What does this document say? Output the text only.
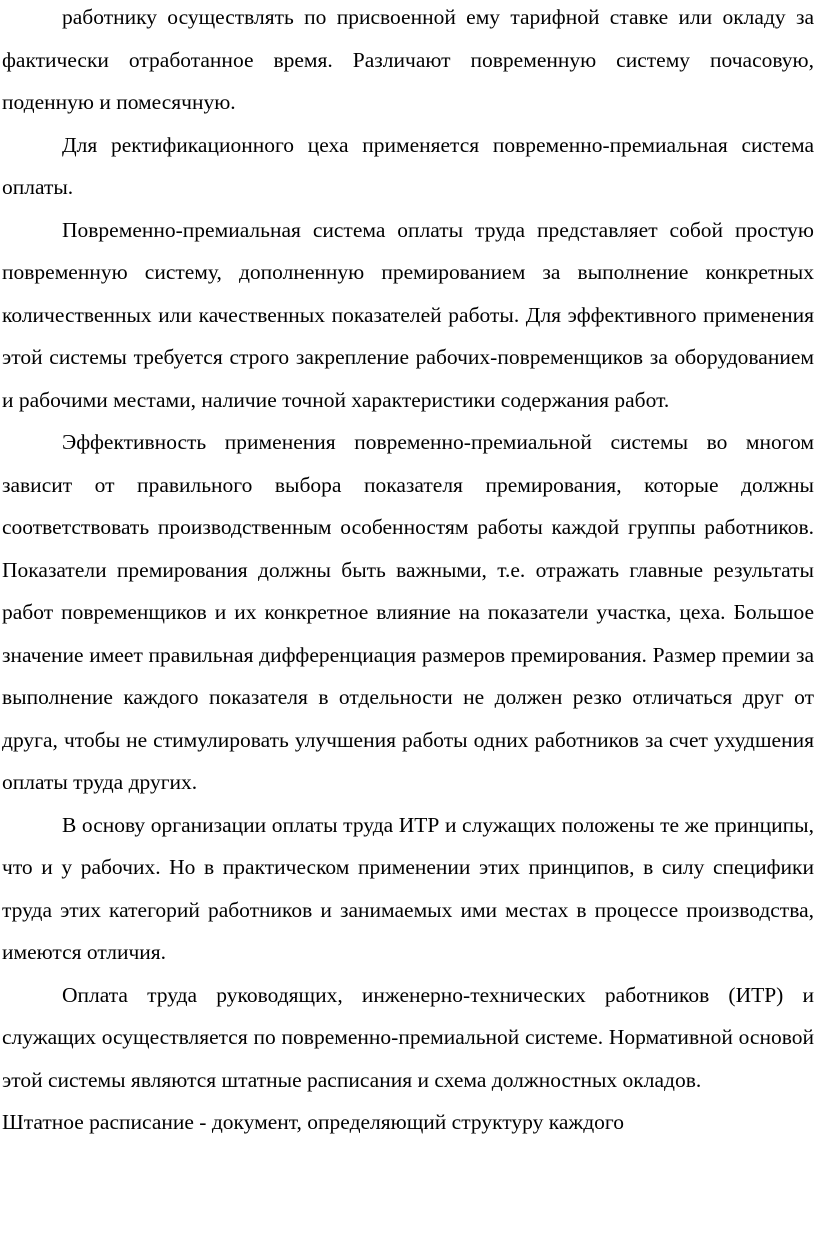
работнику осуществлять по присвоенной ему тарифной ставке или окладу за фактически отработанное время. Различают повременную систему почасовую, поденную и помесячную.

Для ректификационного цеха применяется повременно-премиальная система оплаты.

Повременно-премиальная система оплаты труда представляет собой простую повременную систему, дополненную премированием за выполнение конкретных количественных или качественных показателей работы. Для эффективного применения этой системы требуется строго закрепление рабочих-повременщиков за оборудованием и рабочими местами, наличие точной характеристики содержания работ.

Эффективность применения повременно-премиальной системы во многом зависит от правильного выбора показателя премирования, которые должны соответствовать производственным особенностям работы каждой группы работников. Показатели премирования должны быть важными, т.е. отражать главные результаты работ повременщиков и их конкретное влияние на показатели участка, цеха. Большое значение имеет правильная дифференциация размеров премирования. Размер премии за выполнение каждого показателя в отдельности не должен резко отличаться друг от друга, чтобы не стимулировать улучшения работы одних работников за счет ухудшения оплаты труда других.

В основу организации оплаты труда ИТР и служащих положены те же принципы, что и у рабочих. Но в практическом применении этих принципов, в силу специфики труда этих категорий работников и занимаемых ими местах в процессе производства, имеются отличия.

Оплата труда руководящих, инженерно-технических работников (ИТР) и служащих осуществляется по повременно-премиальной системе. Нормативной основой этой системы являются штатные расписания и схема должностных окладов.

Штатное расписание - документ, определяющий структуру каждого
